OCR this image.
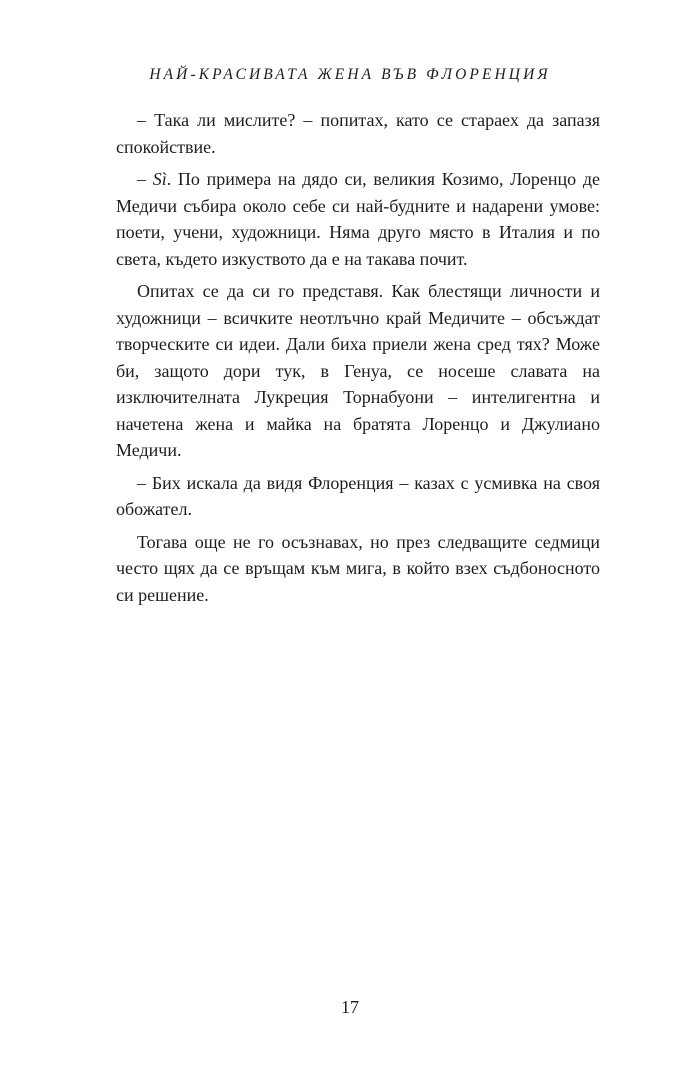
НАЙ-КРАСИВАТА ЖЕНА ВЪВ ФЛОРЕНЦИЯ

– Така ли мислите? – попитах, като се стараех да запазя спокойствие.

– Sì. По примера на дядо си, великия Козимо, Лоренцо де Медичи събира около себе си най-будните и надарени умове: поети, учени, художници. Няма друго място в Италия и по света, където изкуството да е на такава почит.

Опитах се да си го представя. Как блестящи личности и художници – всичките неотлъчно край Медичите – обсъждат творческите си идеи. Дали биха приели жена сред тях? Може би, защото дори тук, в Генуа, се носеше славата на изключителната Лукреция Торнабуони – интелигентна и начетена жена и майка на братята Лоренцо и Джулиано Медичи.

– Бих искала да видя Флоренция – казах с усмивка на своя обожател.

Тогава още не го осъзнавах, но през следващите седмици често щях да се връщам към мига, в който взех съдбоносното си решение.

17
